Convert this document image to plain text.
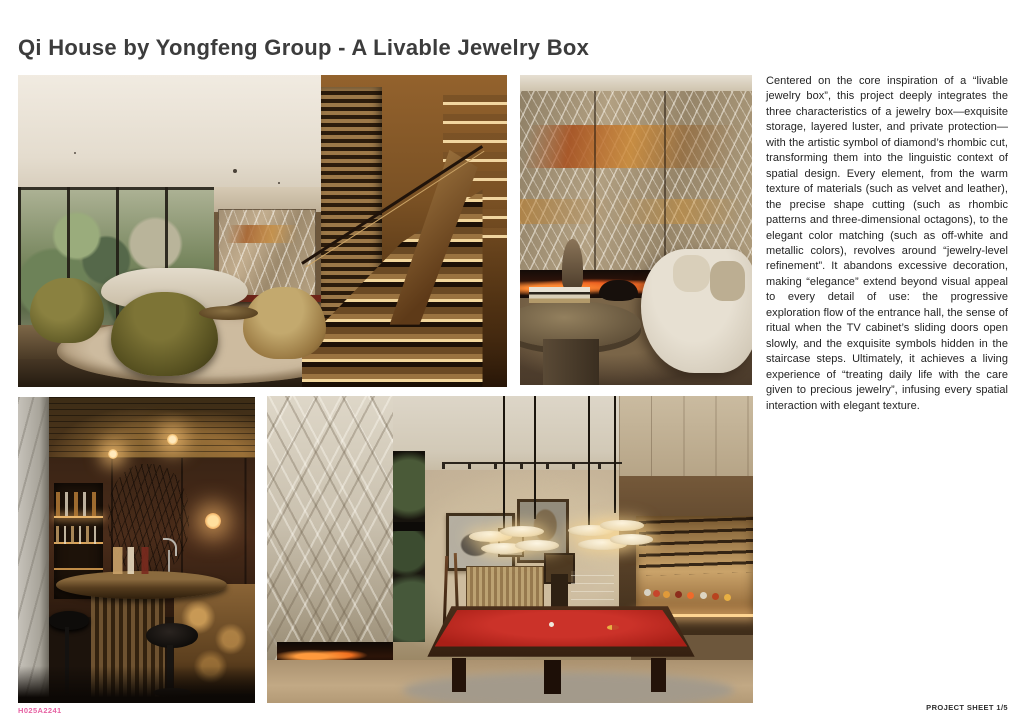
Qi House by Yongfeng Group - A Livable Jewelry Box
Centered on the core inspiration of a “livable jewelry box”, this project deeply integrates the three characteristics of a jewelry box—exquisite storage, layered luster, and private protection—with the artistic symbol of diamond’s rhombic cut, transforming them into the linguistic context of spatial design. Every element, from the warm texture of materials (such as velvet and leather), the precise shape cutting (such as rhombic patterns and three-dimensional octagons), to the elegant color matching (such as off-white and metallic colors), revolves around “jewelry-level refinement”. It abandons excessive decoration, making “elegance” extend beyond visual appeal to every detail of use: the progressive exploration flow of the entrance hall, the sense of ritual when the TV cabinet’s sliding doors open slowly, and the exquisite symbols hidden in the staircase steps. Ultimately, it achieves a living experience of “treating daily life with the care given to precious jewelry”, infusing every spatial interaction with elegant texture.
H025A2241	PROJECT SHEET 1/5
